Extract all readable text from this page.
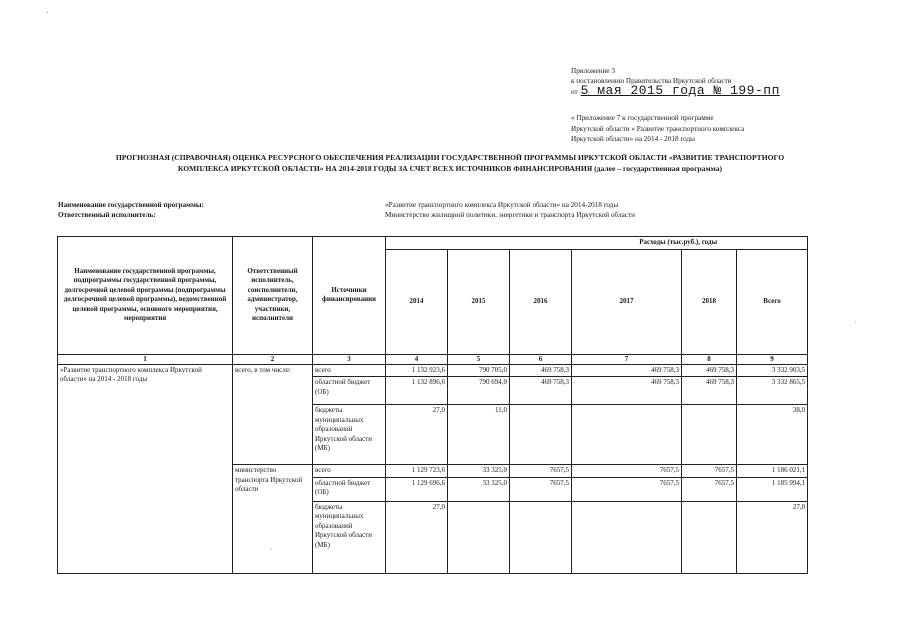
ˎ
Приложение 3
к постановлению Правительства Иркутской области
от 5 мая 2015 года № 199-пп
« Приложение 7 к государственной программе
Иркутской области « Развитие транспортного комплекса
Иркутской области» на 2014 - 2018 годы
ПРОГНОЗНАЯ (СПРАВОЧНАЯ) ОЦЕНКА РЕСУРСНОГО ОБЕСПЕЧЕНИЯ РЕАЛИЗАЦИИ ГОСУДАРСТВЕННОЙ ПРОГРАММЫ ИРКУТСКОЙ ОБЛАСТИ «РАЗВИТИЕ ТРАНСПОРТНОГО
КОМПЛЕКСА ИРКУТСКОЙ ОБЛАСТИ» НА 2014-2018 ГОДЫ ЗА СЧЕТ ВСЕХ ИСТОЧНИКОВ ФИНАНСИРОВАНИЯ (далее – государственная программа)
Наименование государственной программы:	«Развитие транспортного комплекса Иркутской области» на 2014-2018 годы
Ответственный исполнитель:	Министерство жилищной политики, энергетики и транспорта Иркутской области
Наименование государственной программы, подпрограммы государственной программы, долгосрочной целевой программы (подпрограммы долгосрочной целевой программы), ведомственной целевой программы, основного мероприятия, мероприятия	Ответственный исполнитель, соисполнители, администратор, участники, исполнители	Источники финансирования	Расходы (тыс.руб.), годы					
			2014	2015	2016	2017	2018	Всего
1	2	3	4	5	6	7	8	9
«Развитие транспортного комплекса Иркутской области» на 2014 - 2018 годы	всего, в том числе:	всего	1 132 923,6	790 705,0	469 758,3	469 758,3	469 758,3	3 332 903,5
		областной бюджет (ОБ)	1 132 896,6	790 694,0	469 758,3	469 758,3	469 758,3	3 332 865,5
		бюджеты муниципальных образований Иркутской области (МБ)	27,0	11,0				38,0
	министерство транспорта Иркутской области	всего	1 129 723,6	33 325,0	7657,5	7657,5	7657,5	1 186 021,1
		областной бюджет (ОБ)	1 129 696,6	33 325,0	7657,5	7657,5	7657,5	1 185 994,1
		бюджеты муниципальных образований Иркутской области (МБ)	27,0					27,0
·
·
